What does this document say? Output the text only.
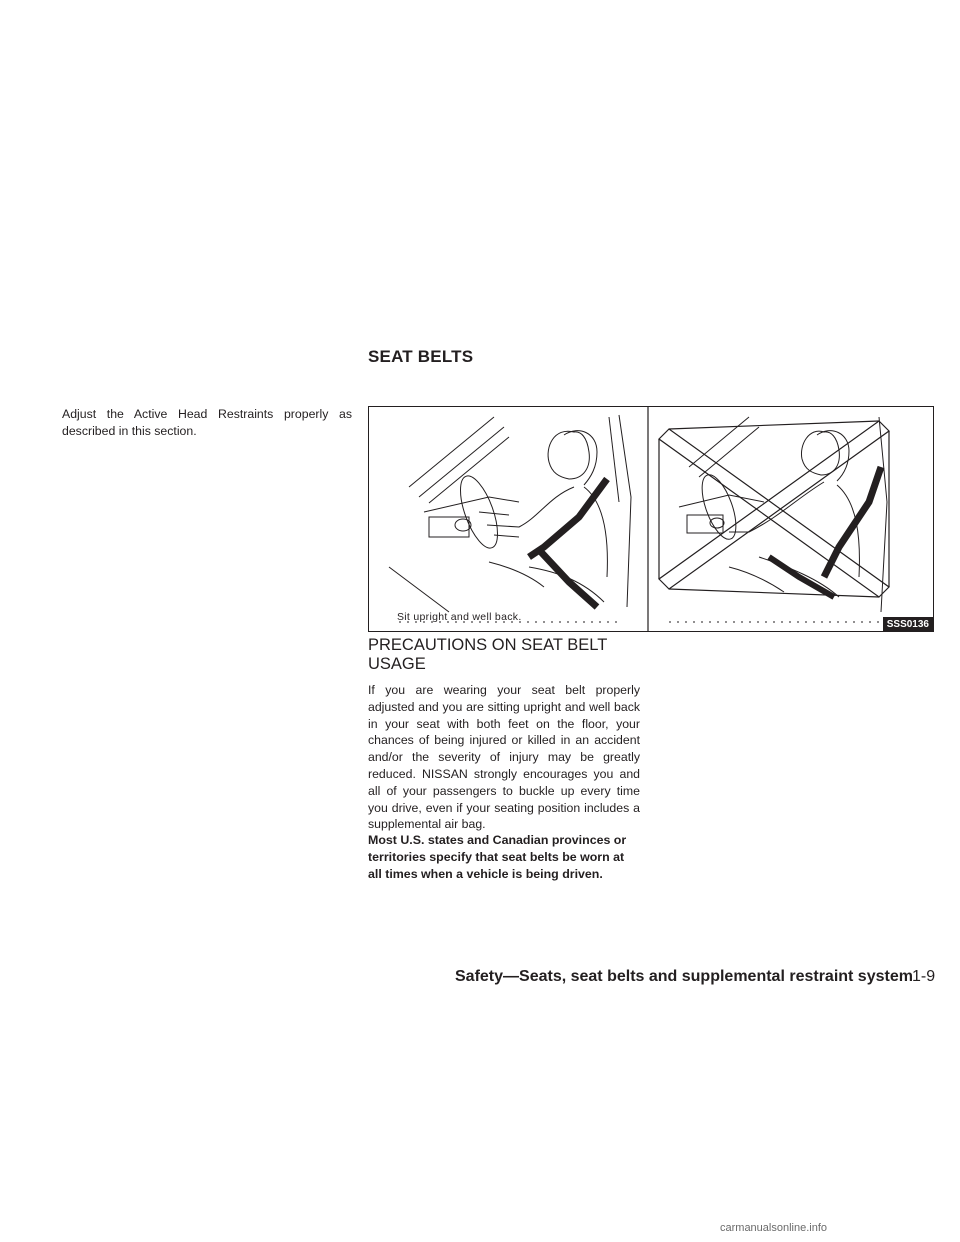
SEAT BELTS

Adjust the Active Head Restraints properly as described in this section.

Sit upright and well back.
SSS0136
PRECAUTIONS ON SEAT BELT USAGE

If you are wearing your seat belt properly adjusted and you are sitting upright and well back in your seat with both feet on the floor, your chances of being injured or killed in an accident and/or the severity of injury may be greatly reduced. NISSAN strongly encourages you and all of your passengers to buckle up every time you drive, even if your seating position includes a supplemental air bag.

Most U.S. states and Canadian provinces or territories specify that seat belts be worn at all times when a vehicle is being driven.

Safety—Seats, seat belts and supplemental restraint system 1-9
carmanualsonline.info
